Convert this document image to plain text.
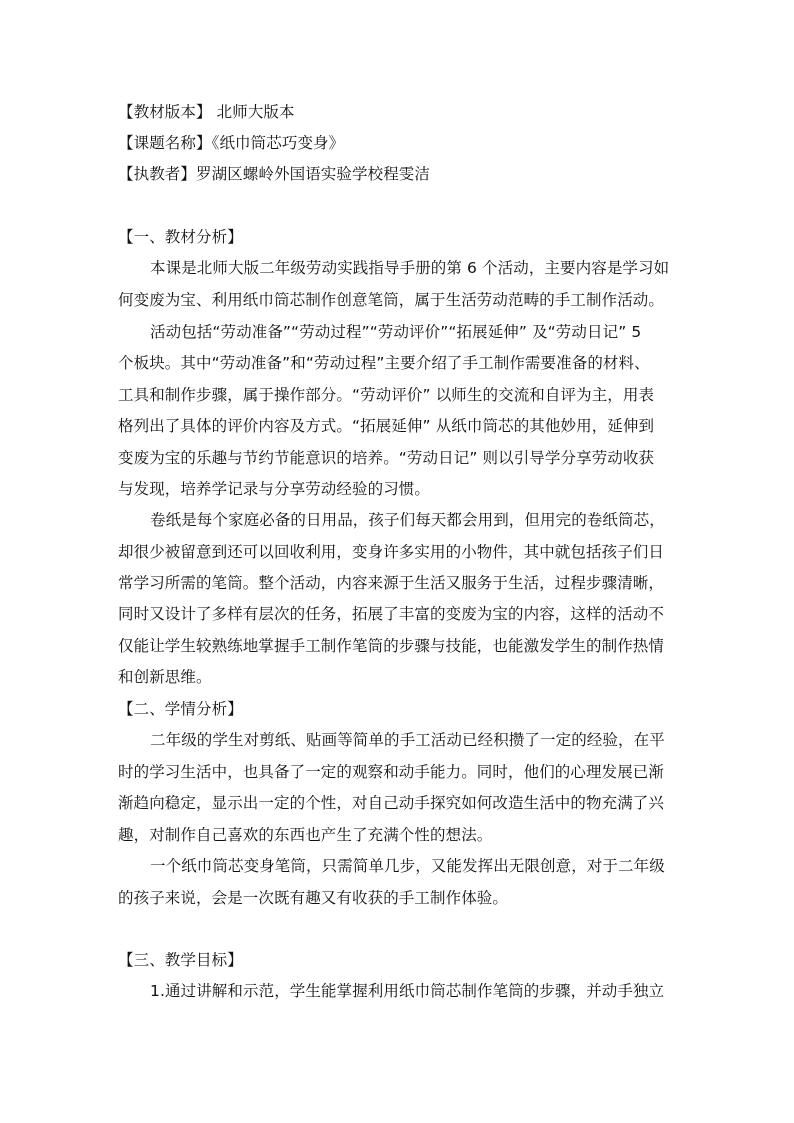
【教材版本】 北师大版本
【课题名称】《纸巾筒芯巧变身》
【执教者】罗湖区螺岭外国语实验学校程雯洁
【一、教材分析】
本课是北师大版二年级劳动实践指导手册的第 6 个活动，主要内容是学习如
何变废为宝、利用纸巾筒芯制作创意笔筒，属于生活劳动范畴的手工制作活动。
活动包括“劳动准备”“劳动过程”“劳动评价”“拓展延伸” 及“劳动日记” 5
个板块。其中“劳动准备”和“劳动过程”主要介绍了手工制作需要准备的材料、
工具和制作步骤，属于操作部分。“劳动评价” 以师生的交流和自评为主，用表
格列出了具体的评价内容及方式。“拓展延伸” 从纸巾筒芯的其他妙用，延伸到
变废为宝的乐趣与节约节能意识的培养。“劳动日记” 则以引导学分享劳动收获
与发现，培养学记录与分享劳动经验的习惯。
卷纸是每个家庭必备的日用品，孩子们每天都会用到，但用完的卷纸筒芯，
却很少被留意到还可以回收利用，变身许多实用的小物件，其中就包括孩子们日
常学习所需的笔筒。整个活动，内容来源于生活又服务于生活，过程步骤清晰，
同时又设计了多样有层次的任务，拓展了丰富的变废为宝的内容，这样的活动不
仅能让学生较熟练地掌握手工制作笔筒的步骤与技能，也能激发学生的制作热情
和创新思维。
【二、学情分析】
二年级的学生对剪纸、贴画等简单的手工活动已经积攒了一定的经验，在平
时的学习生活中，也具备了一定的观察和动手能力。同时，他们的心理发展已渐
渐趋向稳定，显示出一定的个性，对自己动手探究如何改造生活中的物充满了兴
趣，对制作自己喜欢的东西也产生了充满个性的想法。
一个纸巾筒芯变身笔筒，只需简单几步，又能发挥出无限创意，对于二年级
的孩子来说，会是一次既有趣又有收获的手工制作体验。
【三、教学目标】
1.通过讲解和示范，学生能掌握利用纸巾筒芯制作笔筒的步骤，并动手独立
